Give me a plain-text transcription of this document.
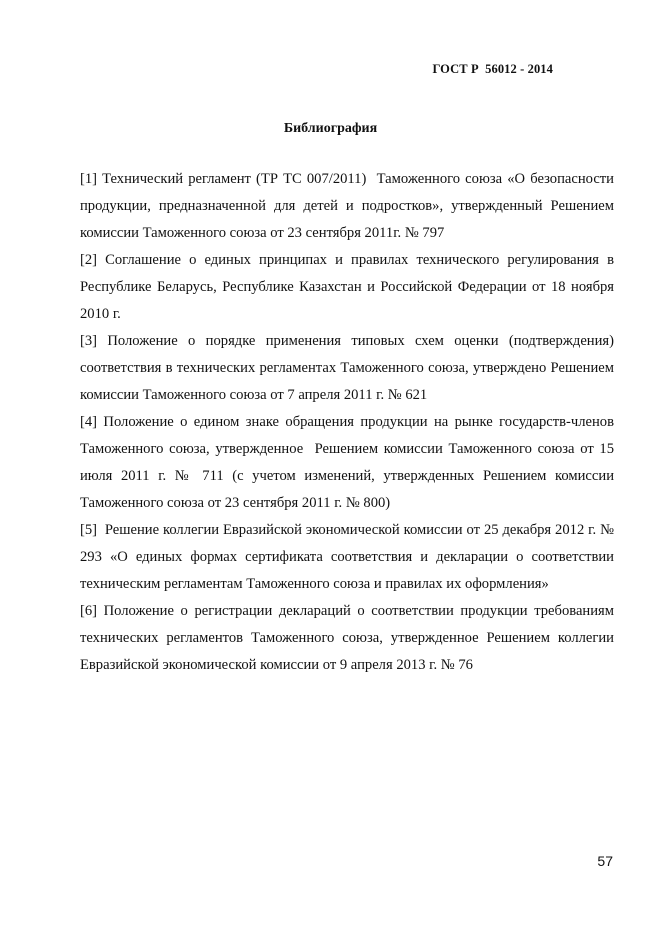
ГОСТ Р  56012 - 2014
Библиография

[1] Технический регламент (ТР ТС 007/2011)  Таможенного союза «О безопасности продукции, предназначенной для детей и подростков», утвержденный Решением комиссии Таможенного союза от 23 сентября 2011г. № 797

[2] Соглашение о единых принципах и правилах технического регулирования в Республике Беларусь, Республике Казахстан и Российской Федерации от 18 ноября 2010 г.

[3] Положение о порядке применения типовых схем оценки (подтверждения) соответствия в технических регламентах Таможенного союза, утверждено Решением комиссии Таможенного союза от 7 апреля 2011 г. № 621

[4] Положение о едином знаке обращения продукции на рынке государств-членов Таможенного союза, утвержденное  Решением комиссии Таможенного союза от 15 июля 2011 г. № 711 (с учетом изменений, утвержденных Решением комиссии Таможенного союза от 23 сентября 2011 г. № 800)

[5]  Решение коллегии Евразийской экономической комиссии от 25 декабря 2012 г. № 293 «О единых формах сертификата соответствия и декларации о соответствии техническим регламентам Таможенного союза и правилах их оформления»

[6] Положение о регистрации деклараций о соответствии продукции требованиям технических регламентов Таможенного союза, утвержденное Решением коллегии Евразийской экономической комиссии от 9 апреля 2013 г. № 76

57
